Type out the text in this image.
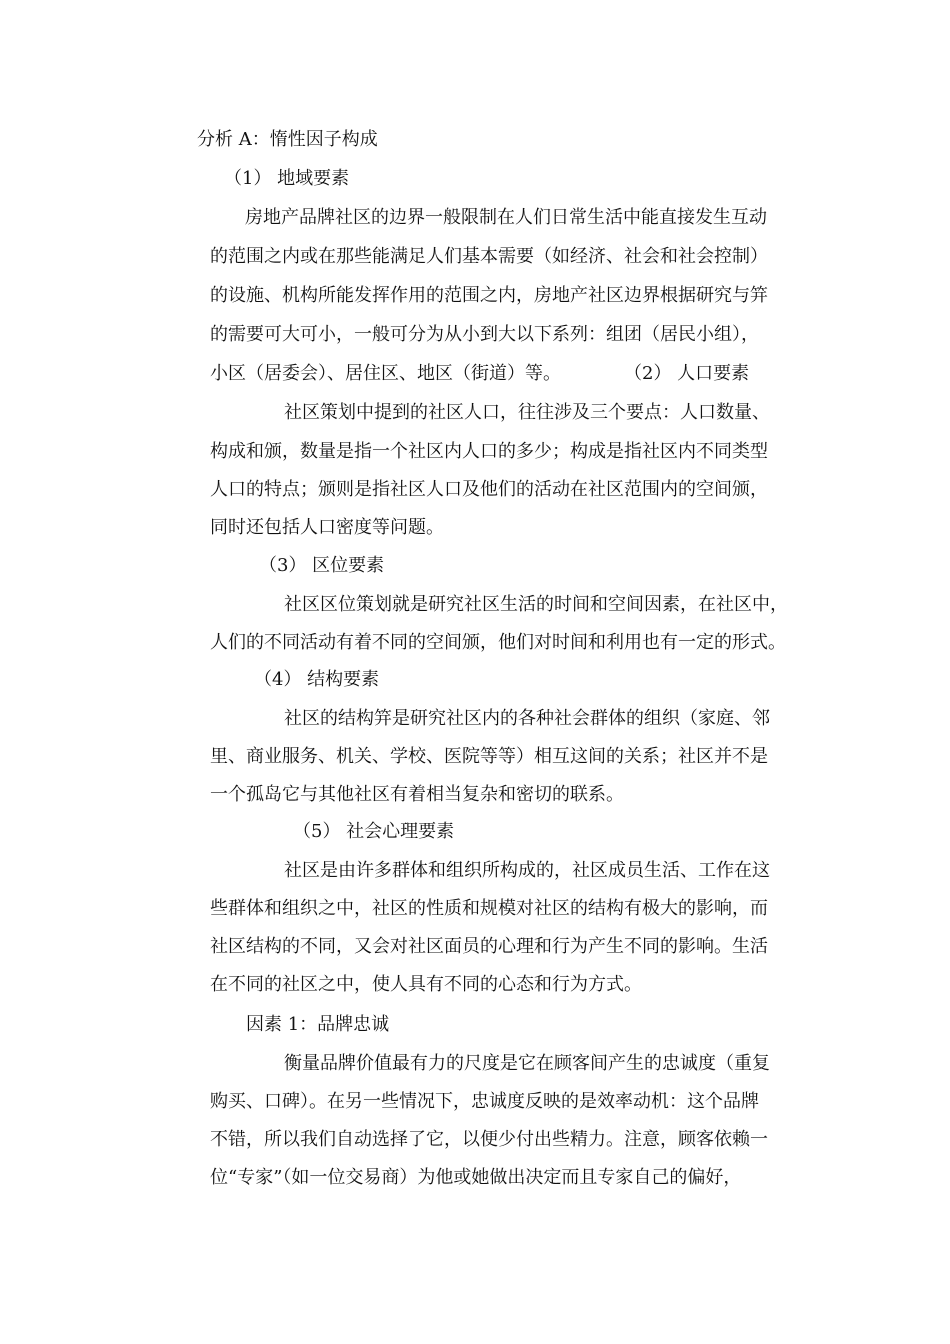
分析 A：惰性因子构成
（1） 地域要素
房地产品牌社区的边界一般限制在人们日常生活中能直接发生互动
的范围之内或在那些能满足人们基本需要（如经济、社会和社会控制）
的设施、机构所能发挥作用的范围之内，房地产社区边界根据研究与笄
的需要可大可小，一般可分为从小到大以下系列：组团（居民小组），
小区（居委会）、居住区、地区（街道）等。	（2） 人口要素
社区策划中提到的社区人口，往往涉及三个要点：人口数量、
构成和颁，数量是指一个社区内人口的多少；构成是指社区内不同类型
人口的特点；颁则是指社区人口及他们的活动在社区范围内的空间颁，
同时还包括人口密度等问题。
（3） 区位要素
社区区位策划就是研究社区生活的时间和空间因素，在社区中，
人们的不同活动有着不同的空间颁，他们对时间和利用也有一定的形式。
（4） 结构要素
社区的结构笄是研究社区内的各种社会群体的组织（家庭、邻
里、商业服务、机关、学校、医院等等）相互这间的关系；社区并不是
一个孤岛它与其他社区有着相当复杂和密切的联系。
（5） 社会心理要素
社区是由许多群体和组织所构成的，社区成员生活、工作在这
些群体和组织之中，社区的性质和规模对社区的结构有极大的影响，而
社区结构的不同，又会对社区面员的心理和行为产生不同的影响。生活
在不同的社区之中，使人具有不同的心态和行为方式。
因素 1：品牌忠诚
衡量品牌价值最有力的尺度是它在顾客间产生的忠诚度（重复
购买、口碑）。在另一些情况下，忠诚度反映的是效率动机：这个品牌
不错，所以我们自动选择了它，以便少付出些精力。注意，顾客依赖一
位“专家”（如一位交易商）为他或她做出决定而且专家自己的偏好，
